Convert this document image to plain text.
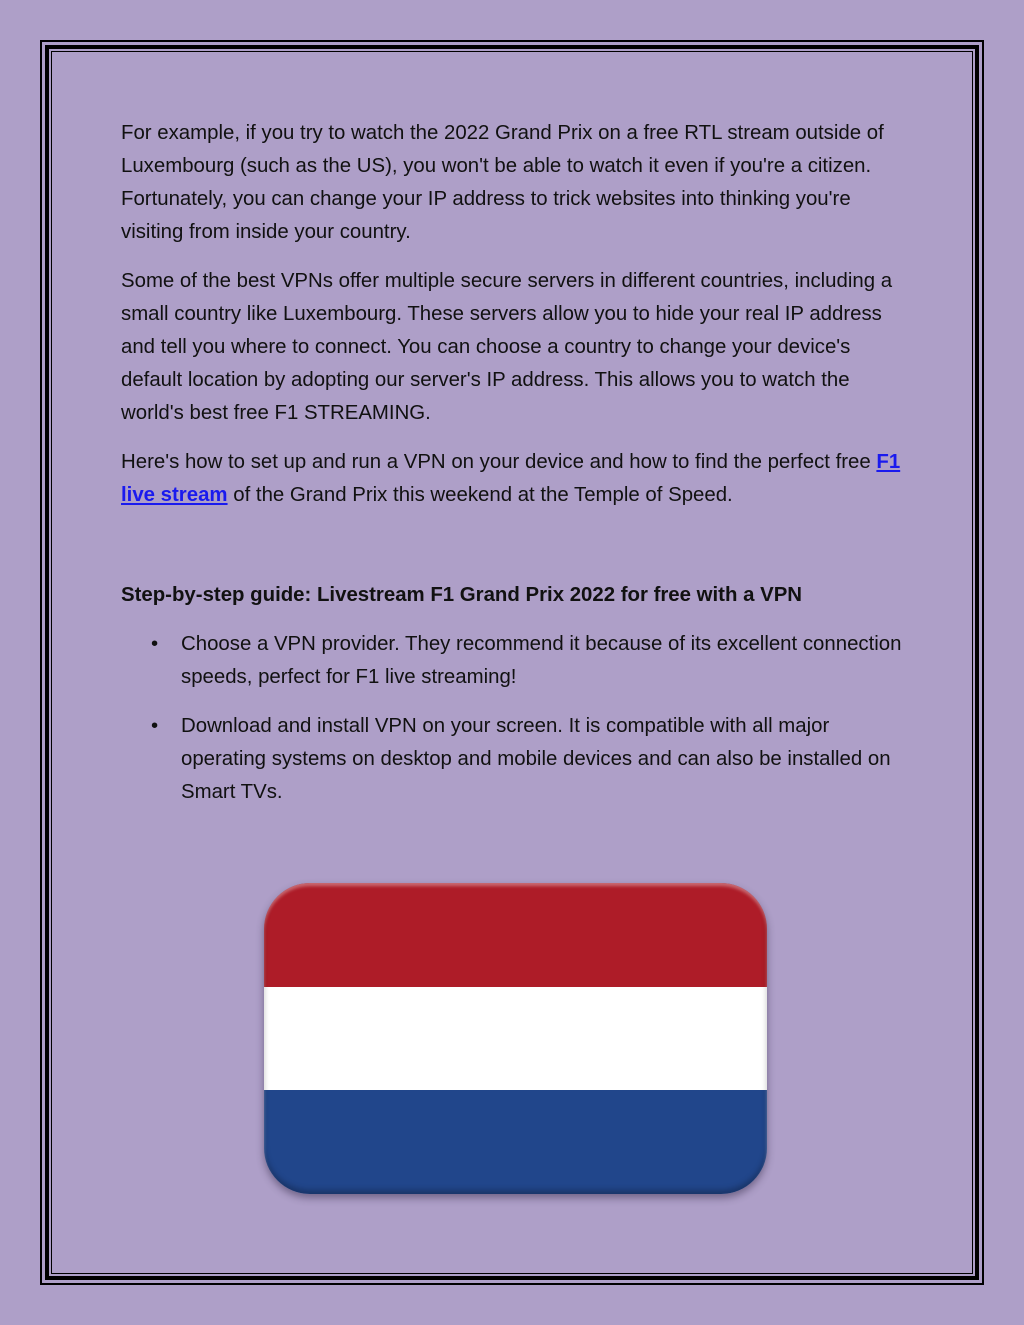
For example, if you try to watch the 2022 Grand Prix on a free RTL stream outside of Luxembourg (such as the US), you won't be able to watch it even if you're a citizen. Fortunately, you can change your IP address to trick websites into thinking you're visiting from inside your country.

Some of the best VPNs offer multiple secure servers in different countries, including a small country like Luxembourg. These servers allow you to hide your real IP address and tell you where to connect. You can choose a country to change your device's default location by adopting our server's IP address. This allows you to watch the world's best free F1 STREAMING.

Here's how to set up and run a VPN on your device and how to find the perfect free F1 live stream of the Grand Prix this weekend at the Temple of Speed.

Step-by-step guide: Livestream F1 Grand Prix 2022 for free with a VPN

• Choose a VPN provider. They recommend it because of its excellent connection speeds, perfect for F1 live streaming!
• Download and install VPN on your screen. It is compatible with all major operating systems on desktop and mobile devices and can also be installed on Smart TVs.
